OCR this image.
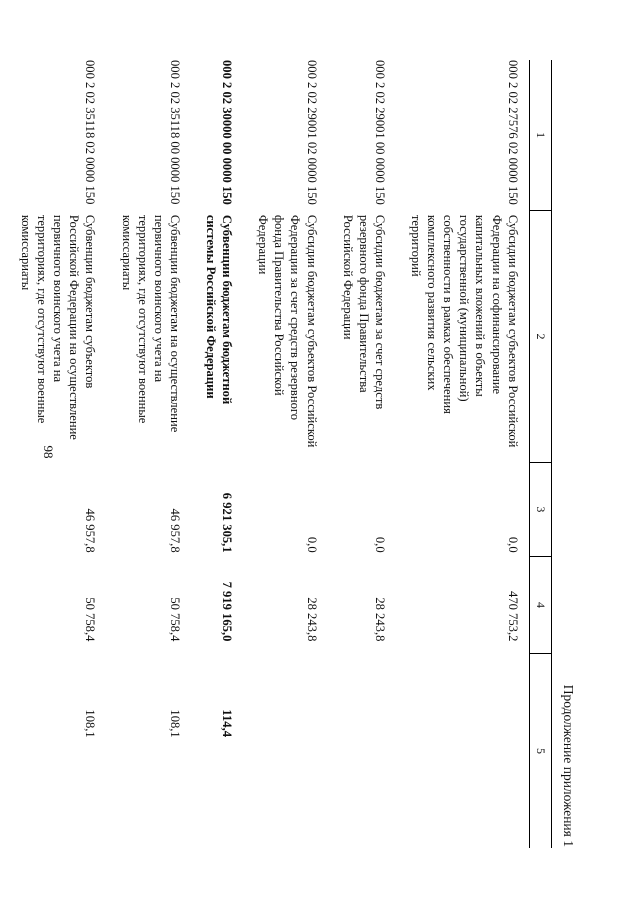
98
Продолжение приложения 1
1	2	3	4	5
000 2 02 27576 02 0000 150	Субсидии бюджетам субъектов Российской Федерации на софинансирование капитальных вложений в объекты государственной (муниципальной) собственности в рамках обеспечения комплексного развития сельских территорий	0,0	470 753,2	
000 2 02 29001 00 0000 150	Субсидии бюджетам за счет средств резервного фонда Правительства Российской Федерации	0,0	28 243,8	
000 2 02 29001 02 0000 150	Субсидии бюджетам субъектов Российской Федерации за счет средств резервного фонда Правительства Российской Федерации	0,0	28 243,8	
000 2 02 30000 00 0000 150	Субвенции бюджетам бюджетной системы Российской Федерации	6 921 305,1	7 919 165,0	114,4
000 2 02 35118 00 0000 150	Субвенции бюджетам на осуществление первичного воинского учета на территориях, где отсутствуют военные комиссариаты	46 957,8	50 758,4	108,1
000 2 02 35118 02 0000 150	Субвенции бюджетам субъектов Российской Федерации на осуществление первичного воинского учета на территориях, где отсутствуют военные комиссариаты	46 957,8	50 758,4	108,1
